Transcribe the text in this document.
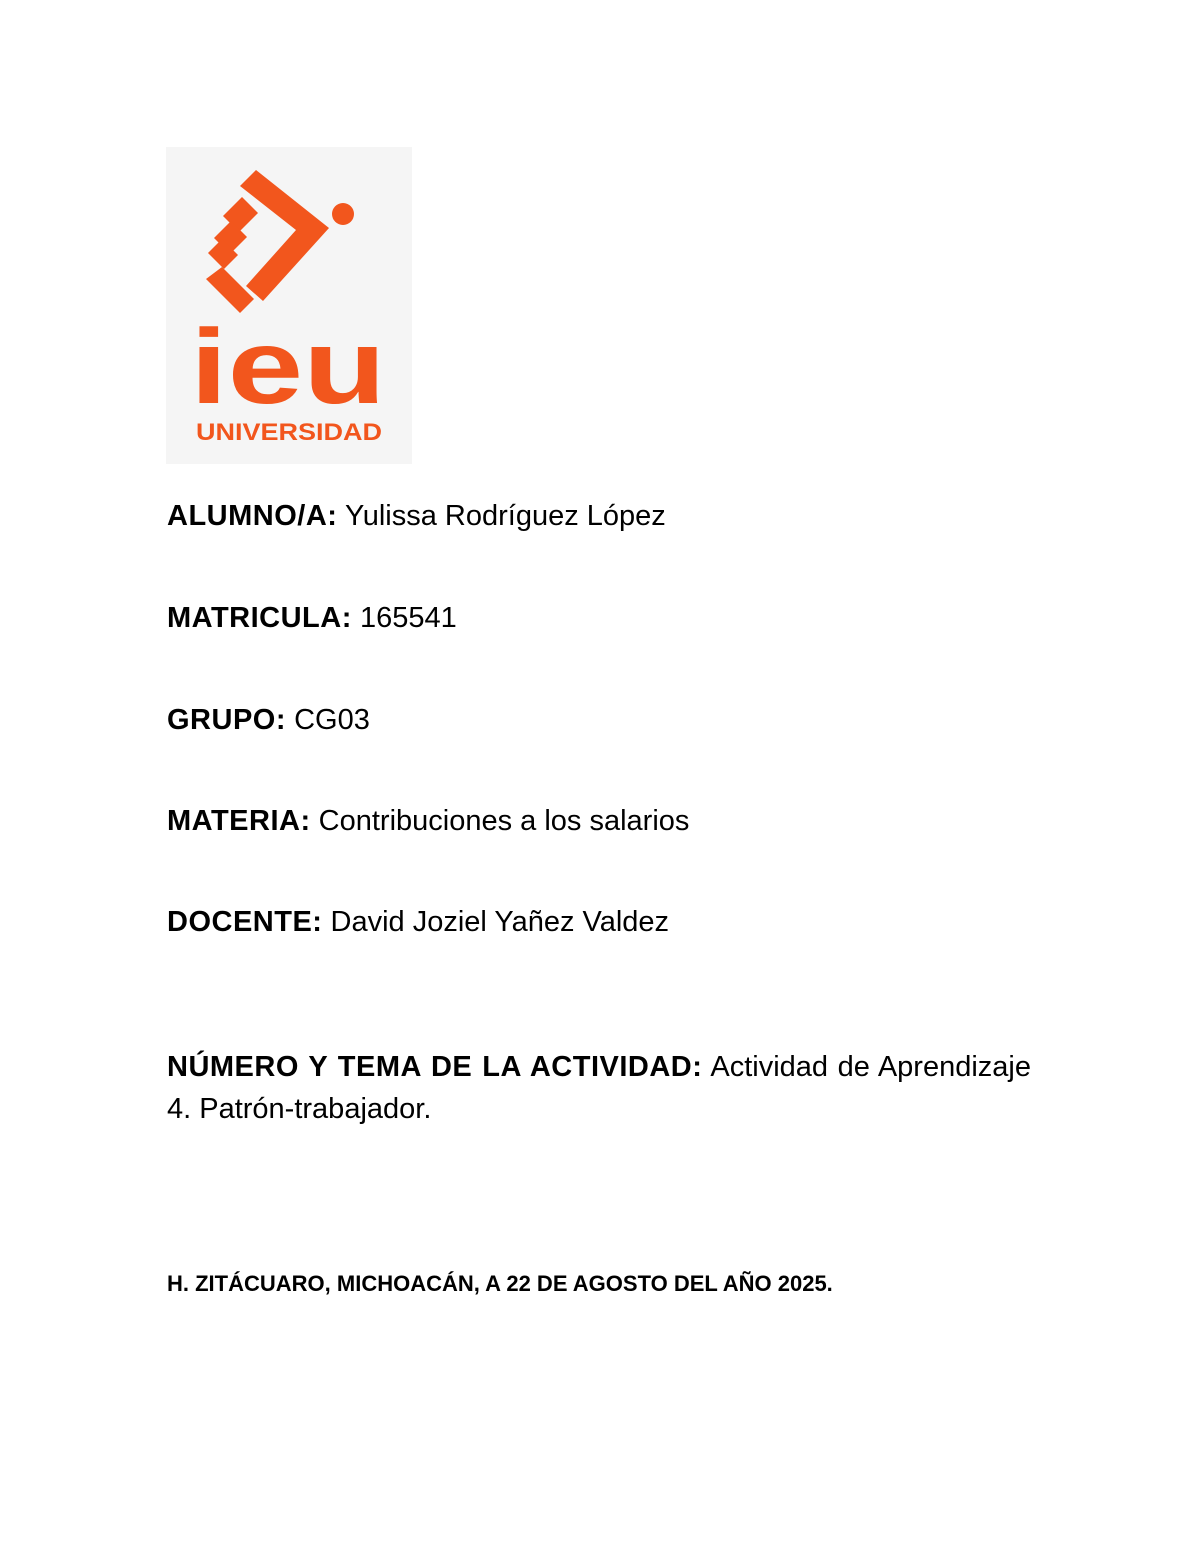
ieu
UNIVERSIDAD
ALUMNO/A: Yulissa Rodríguez López
MATRICULA: 165541
GRUPO: CG03
MATERIA: Contribuciones a los salarios
DOCENTE: David Joziel Yañez Valdez
NÚMERO Y TEMA DE LA ACTIVIDAD: Actividad de Aprendizaje 4. Patrón-trabajador.
H. ZITÁCUARO, MICHOACÁN, A 22 DE AGOSTO DEL AÑO 2025.
